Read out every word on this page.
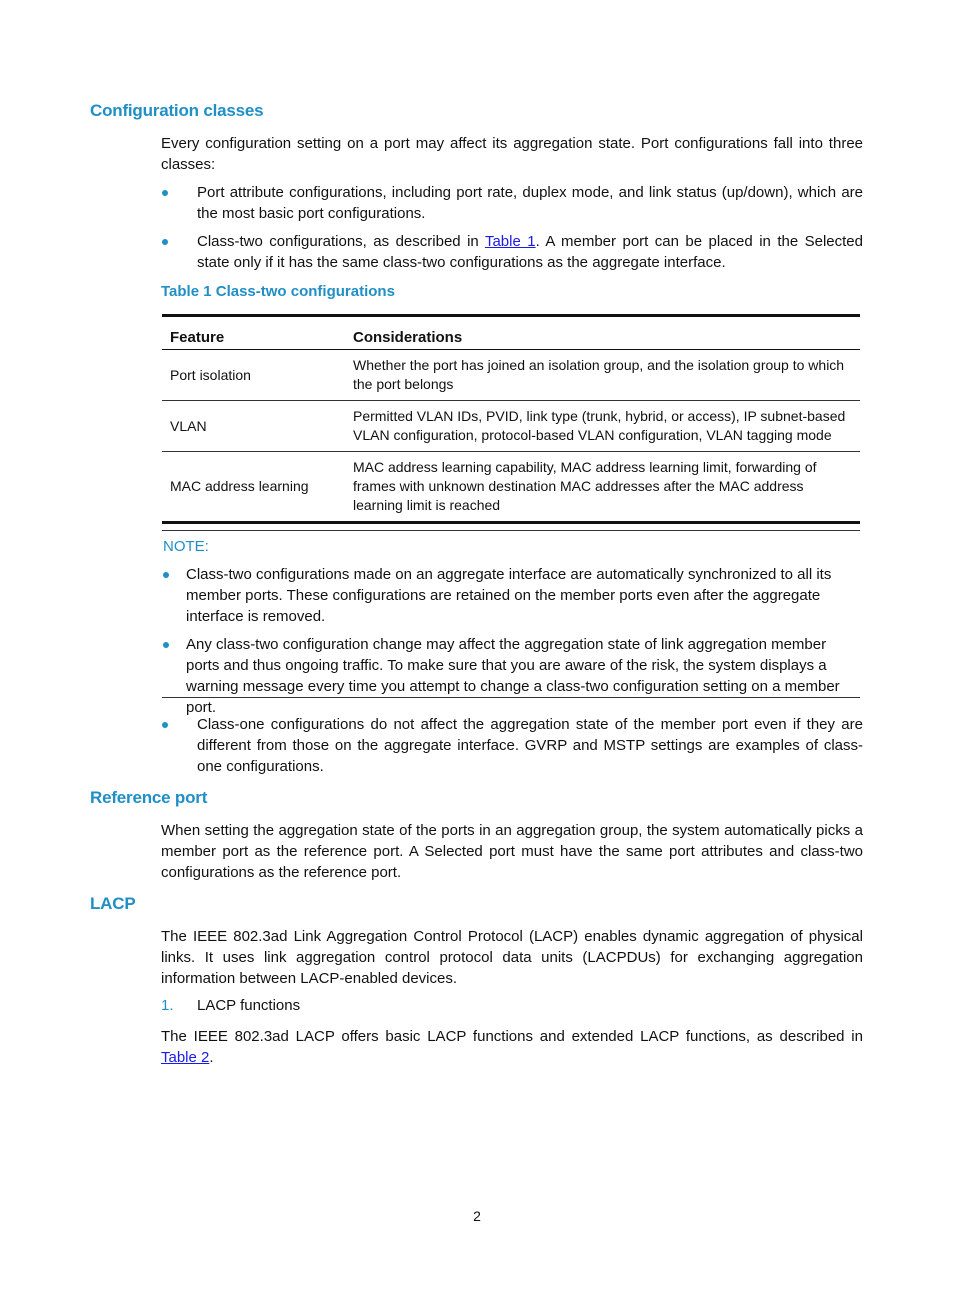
Configuration classes
Every configuration setting on a port may affect its aggregation state. Port configurations fall into three classes:
Port attribute configurations, including port rate, duplex mode, and link status (up/down), which are the most basic port configurations.
Class-two configurations, as described in Table 1. A member port can be placed in the Selected state only if it has the same class-two configurations as the aggregate interface.
Table 1 Class-two configurations
Feature	Considerations
Port isolation	Whether the port has joined an isolation group, and the isolation group to which the port belongs
VLAN	Permitted VLAN IDs, PVID, link type (trunk, hybrid, or access), IP subnet-based VLAN configuration, protocol-based VLAN configuration, VLAN tagging mode
MAC address learning	MAC address learning capability, MAC address learning limit, forwarding of frames with unknown destination MAC addresses after the MAC address learning limit is reached
NOTE:
Class-two configurations made on an aggregate interface are automatically synchronized to all its member ports. These configurations are retained on the member ports even after the aggregate interface is removed.
Any class-two configuration change may affect the aggregation state of link aggregation member ports and thus ongoing traffic. To make sure that you are aware of the risk, the system displays a warning message every time you attempt to change a class-two configuration setting on a member port.
Class-one configurations do not affect the aggregation state of the member port even if they are different from those on the aggregate interface. GVRP and MSTP settings are examples of class-one configurations.
Reference port
When setting the aggregation state of the ports in an aggregation group, the system automatically picks a member port as the reference port. A Selected port must have the same port attributes and class-two configurations as the reference port.
LACP
The IEEE 802.3ad Link Aggregation Control Protocol (LACP) enables dynamic aggregation of physical links. It uses link aggregation control protocol data units (LACPDUs) for exchanging aggregation information between LACP-enabled devices.
1. LACP functions
The IEEE 802.3ad LACP offers basic LACP functions and extended LACP functions, as described in Table 2.
2
